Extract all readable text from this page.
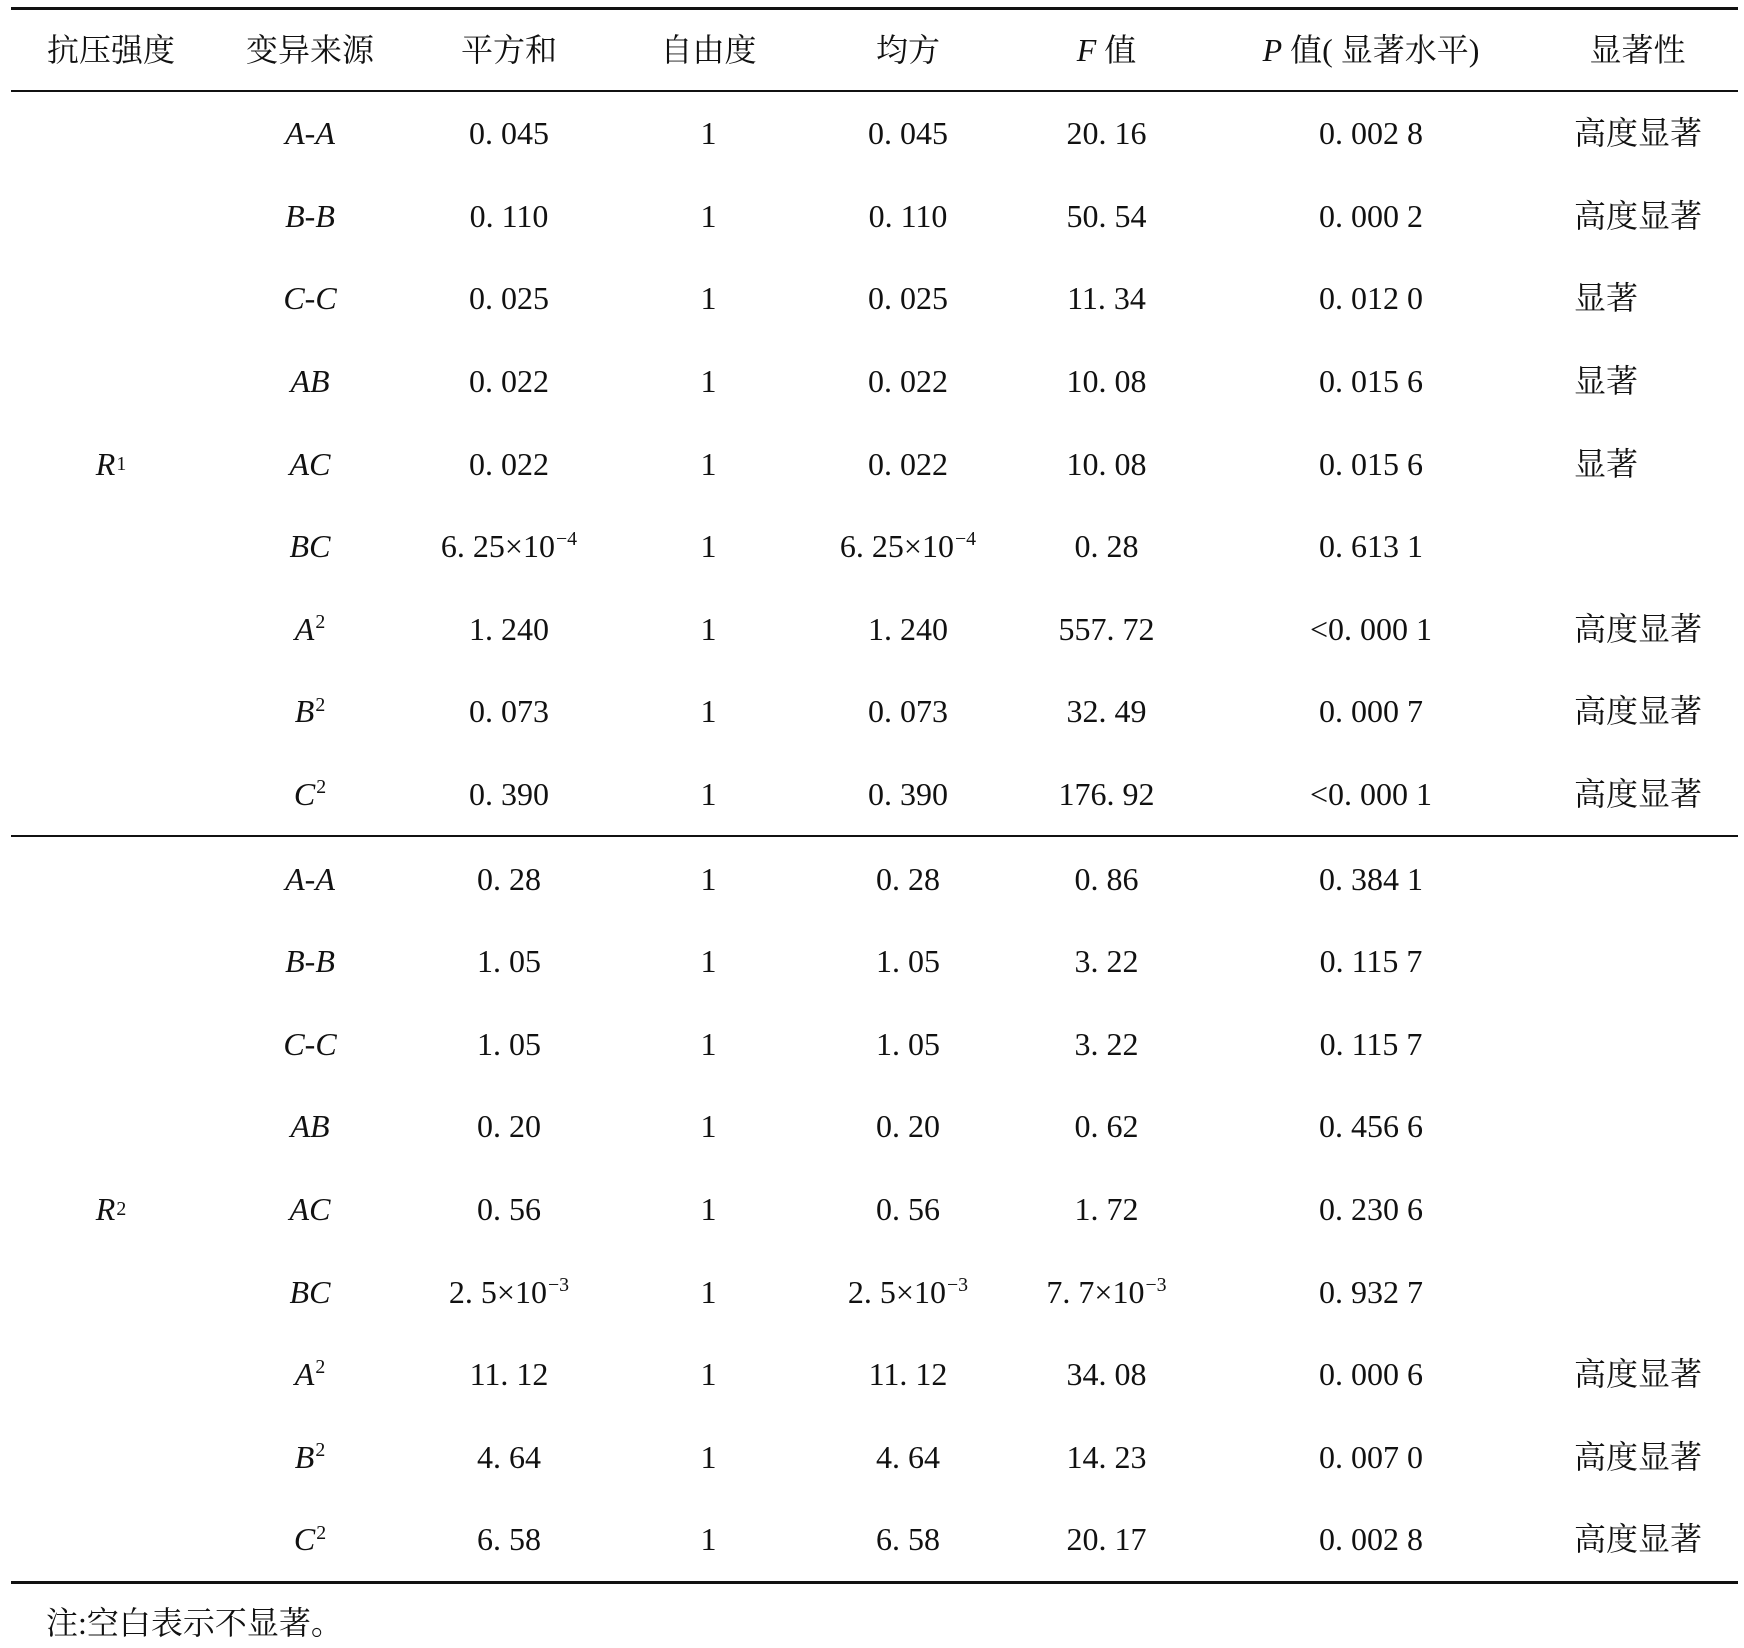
抗压强度	变异来源	平方和	自由度	均方	F 值	P 值( 显著水平)	显著性
R 1
A-A	0. 045	1	0. 045	20. 16	0. 002 8	高度显著
B-B	0. 110	1	0. 110	50. 54	0. 000 2	高度显著
C-C	0. 025	1	0. 025	11. 34	0. 012 0	显著
AB	0. 022	1	0. 022	10. 08	0. 015 6	显著
AC	0. 022	1	0. 022	10. 08	0. 015 6	显著
BC	6. $25\times 10^{-4}$	1	6. $25\times 10^{-4}$	0. 28	0. 613 1
$A^2$	1. 240	1	1. 240	557. 72	<0. 000 1	高度显著
$B^2$	0. 073	1	0. 073	32. 49	0. 000 7	高度显著
$C^2$	0. 390	1	0. 390	176. 92	<0. 000 1	高度显著
R 2
A-A	0. 28	1	0. 28	0. 86	0. 384 1
B-B	1. 05	1	1. 05	3. 22	0. 115 7
C-C	1. 05	1	1. 05	3. 22	0. 115 7
AB	0. 20	1	0. 20	0. 62	0. 456 6
AC	0. 56	1	0. 56	1. 72	0. 230 6
BC	2. $5\times 10^{-3}$	1	2. $5\times 10^{-3}$	7. $7\times 10^{-3}$	0. 932 7
$A^2$	11. 12	1	11. 12	34. 08	0. 000 6	高度显著
$B^2$	4. 64	1	4. 64	14. 23	0. 007 0	高度显著
$C^2$	6. 58	1	6. 58	20. 17	0. 002 8	高度显著
注:空白表示不显著。
